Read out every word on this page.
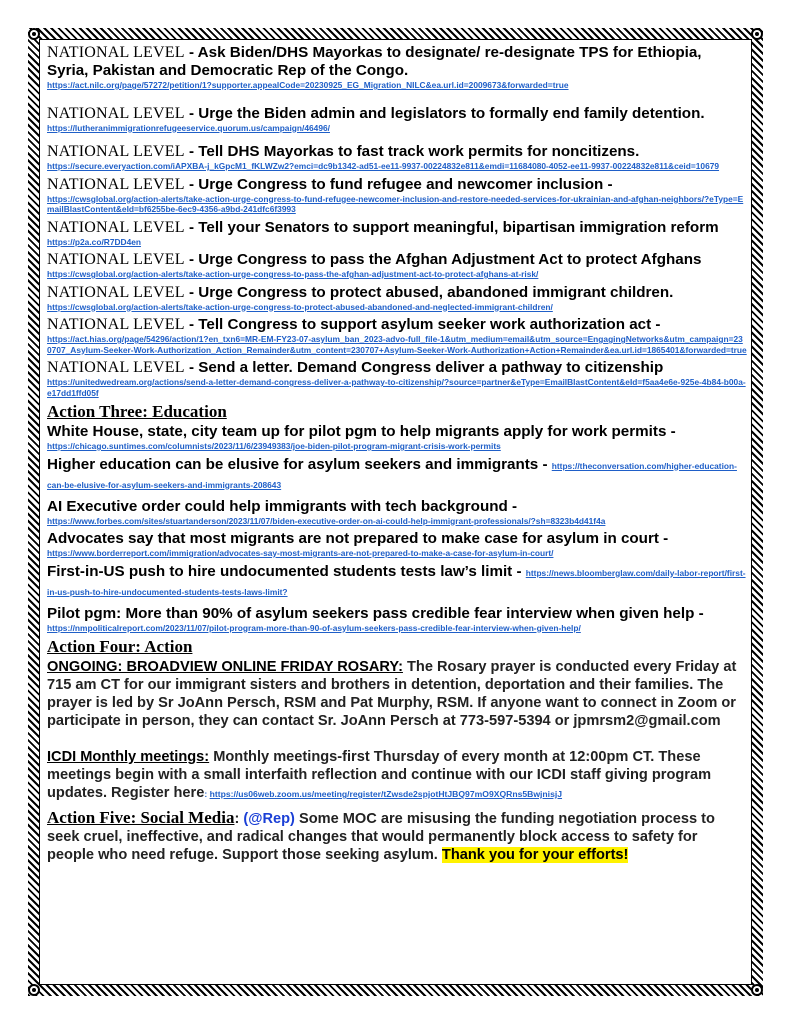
NATIONAL LEVEL - Ask Biden/DHS Mayorkas to designate/ re-designate TPS for Ethiopia, Syria, Pakistan and Democratic Rep of the Congo.
https://act.nilc.org/page/57272/petition/1?supporter.appealCode=20230925_EG_Migration_NILC&ea.url.id=2009673&forwarded=true
NATIONAL LEVEL - Urge the Biden admin and legislators to formally end family detention.
https://lutheranimmigrationrefugeeservice.quorum.us/campaign/46496/
NATIONAL LEVEL - Tell DHS Mayorkas to fast track work permits for noncitizens.
https://secure.everyaction.com/iAPXBA-j_kGpcM1_fKLWZw2?emci=dc9b1342-ad51-ee11-9937-00224832e811&emdi=11684080-4052-ee11-9937-00224832e811&ceid=10679
NATIONAL LEVEL - Urge Congress to fund refugee and newcomer inclusion -
https://cwsglobal.org/action-alerts/take-action-urge-congress-to-fund-refugee-newcomer-inclusion-and-restore-needed-services-for-ukrainian-and-afghan-neighbors/?eType=EmailBlastContent&eId=bf6255be-6ec9-4356-a9bd-241dfc6f3993
NATIONAL LEVEL - Tell your Senators to support meaningful, bipartisan immigration reform
https://p2a.co/R7DD4en
NATIONAL LEVEL - Urge Congress to pass the Afghan Adjustment Act to protect Afghans
https://cwsglobal.org/action-alerts/take-action-urge-congress-to-pass-the-afghan-adjustment-act-to-protect-afghans-at-risk/
NATIONAL LEVEL - Urge Congress to protect abused, abandoned immigrant children.
https://cwsglobal.org/action-alerts/take-action-urge-congress-to-protect-abused-abandoned-and-neglected-immigrant-children/
NATIONAL LEVEL - Tell Congress to support asylum seeker work authorization act -
https://act.hias.org/page/54296/action/1?en_txn6=MR-EM-FY23-07-asylum_ban_2023-advo-full_file-1&utm_medium=email&utm_source=EngagingNetworks&utm_campaign=230707_Asylum-Seeker-Work-Authorization_Action_Remainder&utm_content=230707+Asylum-Seeker-Work-Authorization+Action+Remainder&ea.url.id=1865401&forwarded=true
NATIONAL LEVEL - Send a letter. Demand Congress deliver a pathway to citizenship
https://unitedwedream.org/actions/send-a-letter-demand-congress-deliver-a-pathway-to-citizenship/?source=partner&eType=EmailBlastContent&eId=f5aa4e6e-925e-4b84-b00a-e17dd1ffd05f
Action Three: Education
White House, state, city team up for pilot pgm to help migrants apply for work permits -
https://chicago.suntimes.com/columnists/2023/11/6/23949383/joe-biden-pilot-program-migrant-crisis-work-permits
Higher education can be elusive for asylum seekers and immigrants - https://theconversation.com/higher-education-can-be-elusive-for-asylum-seekers-and-immigrants-208643
AI Executive order could help immigrants with tech background -
https://www.forbes.com/sites/stuartanderson/2023/11/07/biden-executive-order-on-ai-could-help-immigrant-professionals/?sh=8323b4d41f4a
Advocates say that most migrants are not prepared to make case for asylum in court -
https://www.borderreport.com/immigration/advocates-say-most-migrants-are-not-prepared-to-make-a-case-for-asylum-in-court/
First-in-US push to hire undocumented students tests law’s limit - https://news.bloomberglaw.com/daily-labor-report/first-in-us-push-to-hire-undocumented-students-tests-laws-limit?
Pilot pgm: More than 90% of asylum seekers pass credible fear interview when given help -
https://nmpoliticalreport.com/2023/11/07/pilot-program-more-than-90-of-asylum-seekers-pass-credible-fear-interview-when-given-help/
Action Four: Action
ONGOING: BROADVIEW ONLINE FRIDAY ROSARY: The Rosary prayer is conducted every Friday at 715 am CT for our immigrant sisters and brothers in detention, deportation and their families. The prayer is led by Sr JoAnn Persch, RSM and Pat Murphy, RSM. If anyone want to connect in Zoom or participate in person, they can contact Sr. JoAnn Persch at 773-597-5394 or jpmrsm2@gmail.com
ICDI Monthly meetings: Monthly meetings-first Thursday of every month at 12:00pm CT. These meetings begin with a small interfaith reflection and continue with our ICDI staff giving program updates. Register here: https://us06web.zoom.us/meeting/register/tZwsde2spjotHtJBQ97mO9XQRns5BwjnisjJ
Action Five: Social Media: (@Rep) Some MOC are misusing the funding negotiation process to seek cruel, ineffective, and radical changes that would permanently block access to safety for people who need refuge. Support those seeking asylum. Thank you for your efforts!
